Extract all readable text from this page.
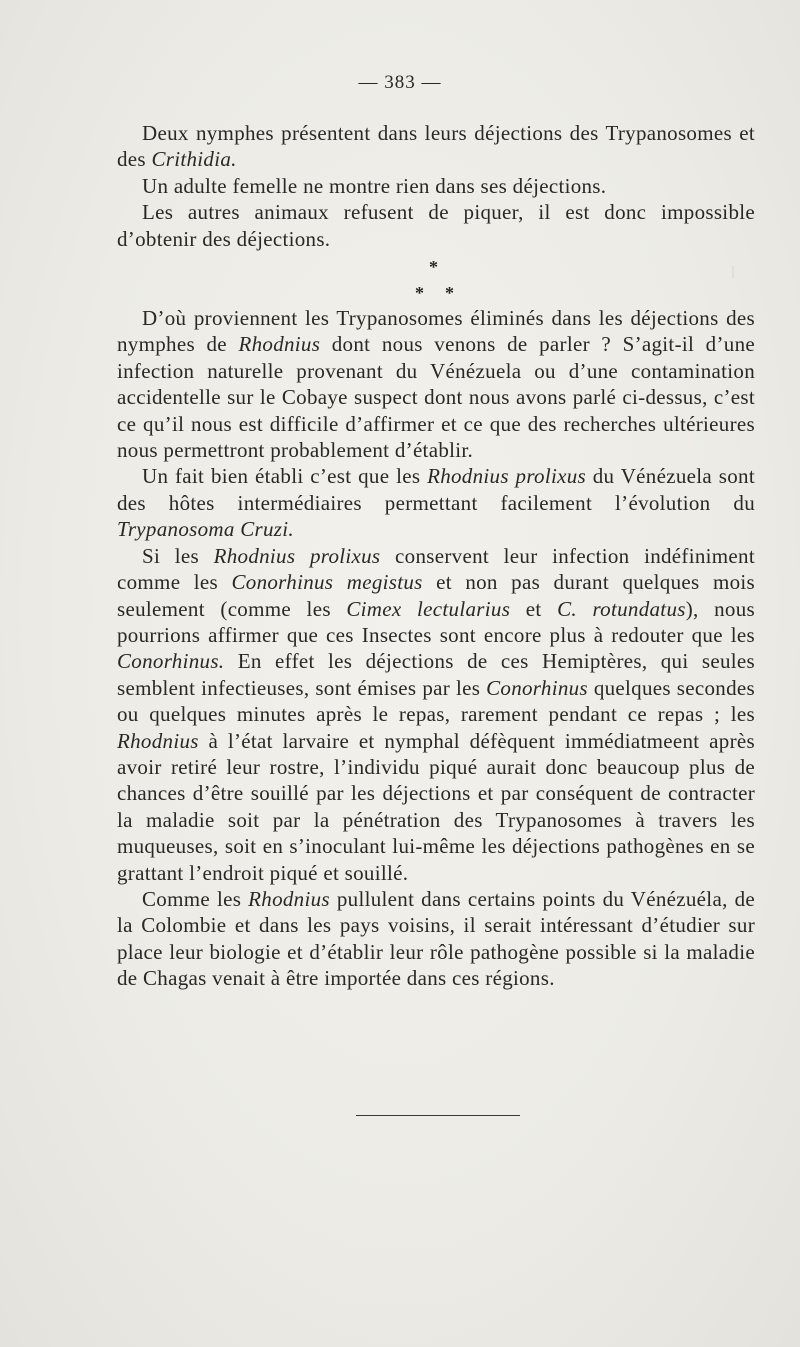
I
— 383 —

Deux nymphes présentent dans leurs déjections des Trypanosomes et des Crithidia.

Un adulte femelle ne montre rien dans ses déjections.

Les autres animaux refusent de piquer, il est donc impossible d’obtenir des déjections.

*
* *

D’où proviennent les Trypanosomes éliminés dans les déjections des nymphes de Rhodnius dont nous venons de parler ? S’agit-il d’une infection naturelle provenant du Vénézuela ou d’une contamination accidentelle sur le Cobaye suspect dont nous avons parlé ci-dessus, c’est ce qu’il nous est difficile d’affirmer et ce que des recherches ultérieures nous permettront probablement d’établir.

Un fait bien établi c’est que les Rhodnius prolixus du Vénézuela sont des hôtes intermédiaires permettant facilement l’évolution du Trypanosoma Cruzi.

Si les Rhodnius prolixus conservent leur infection indéfiniment comme les Conorhinus megistus et non pas durant quelques mois seulement (comme les Cimex lectularius et C. rotundatus), nous pourrions affirmer que ces Insectes sont encore plus à redouter que les Conorhinus. En effet les déjections de ces Hemiptères, qui seules semblent infectieuses, sont émises par les Conorhinus quelques secondes ou quelques minutes après le repas, rarement pendant ce repas ; les Rhodnius à l’état larvaire et nymphal défèquent immédiatmeent après avoir retiré leur rostre, l’individu piqué aurait donc beaucoup plus de chances d’être souillé par les déjections et par conséquent de contracter la maladie soit par la pénétration des Trypanosomes à travers les muqueuses, soit en s’inoculant lui-même les déjections pathogènes en se grattant l’endroit piqué et souillé.

Comme les Rhodnius pullulent dans certains points du Vénézuéla, de la Colombie et dans les pays voisins, il serait intéressant d’étudier sur place leur biologie et d’établir leur rôle pathogène possible si la maladie de Chagas venait à être importée dans ces régions.
